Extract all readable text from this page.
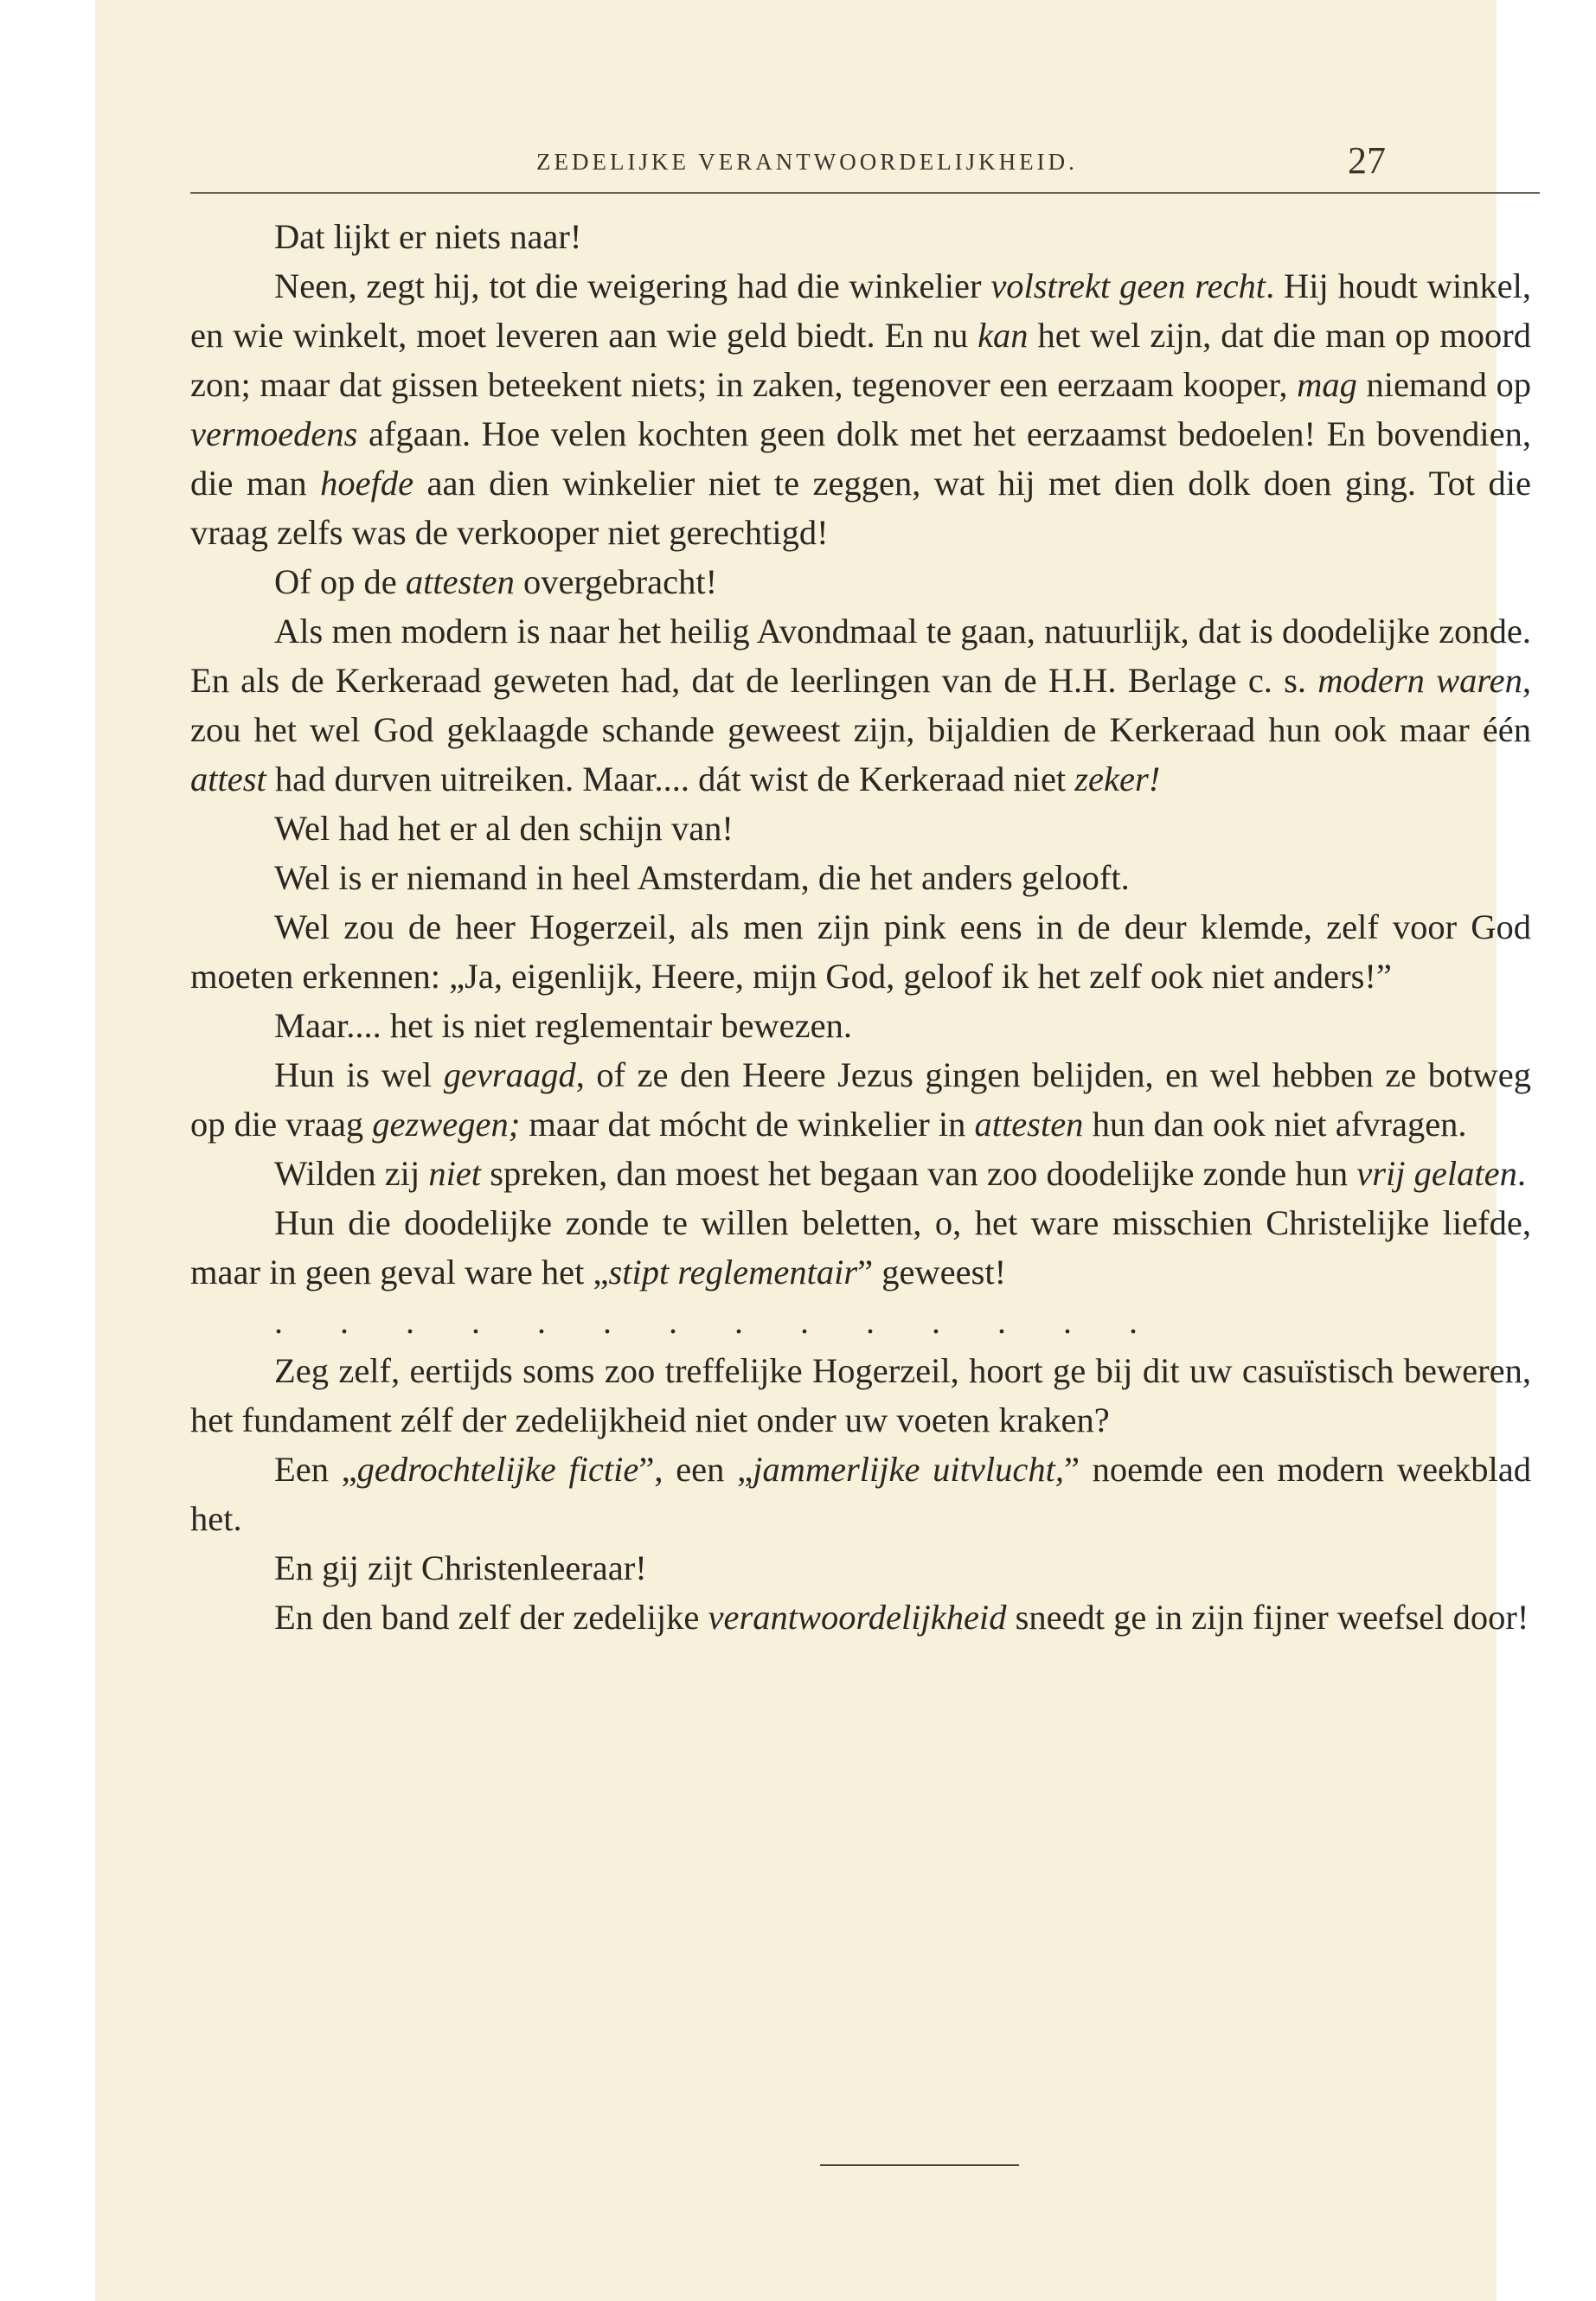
ZEDELIJKE VERANTWOORDELIJKHEID.	27

Dat lijkt er niets naar!

Neen, zegt hij, tot die weigering had die winkelier volstrekt geen recht. Hij houdt winkel, en wie winkelt, moet leveren aan wie geld biedt. En nu kan het wel zijn, dat die man op moord zon; maar dat gissen beteekent niets; in zaken, tegenover een eerzaam kooper, mag niemand op vermoedens afgaan. Hoe velen kochten geen dolk met het eerzaamst bedoelen! En bovendien, die man hoefde aan dien winkelier niet te zeggen, wat hij met dien dolk doen ging. Tot die vraag zelfs was de verkooper niet gerechtigd!

Of op de attesten overgebracht!

Als men modern is naar het heilig Avondmaal te gaan, natuurlijk, dat is doodelijke zonde. En als de Kerkeraad geweten had, dat de leerlingen van de H.H. Berlage c. s. modern waren, zou het wel God geklaagde schande geweest zijn, bijaldien de Kerkeraad hun ook maar één attest had durven uitreiken. Maar.... dát wist de Kerkeraad niet zeker!

Wel had het er al den schijn van!

Wel is er niemand in heel Amsterdam, die het anders gelooft.

Wel zou de heer Hogerzeil, als men zijn pink eens in de deur klemde, zelf voor God moeten erkennen: „Ja, eigenlijk, Heere, mijn God, geloof ik het zelf ook niet anders!”

Maar.... het is niet reglementair bewezen.

Hun is wel gevraagd, of ze den Heere Jezus gingen belijden, en wel hebben ze botweg op die vraag gezwegen; maar dat mócht de winkelier in attesten hun dan ook niet afvragen.

Wilden zij niet spreken, dan moest het begaan van zoo doodelijke zonde hun vrij gelaten.

Hun die doodelijke zonde te willen beletten, o, het ware misschien Christelijke liefde, maar in geen geval ware het „stipt reglementair” geweest!

. . . . . . . . . . . . . .

Zeg zelf, eertijds soms zoo treffelijke Hogerzeil, hoort ge bij dit uw casuïstisch beweren, het fundament zélf der zedelijkheid niet onder uw voeten kraken?

Een „gedrochtelijke fictie”, een „jammerlijke uitvlucht,” noemde een modern weekblad het.

En gij zijt Christenleeraar!

En den band zelf der zedelijke verantwoordelijkheid sneedt ge in zijn fijner weefsel door!
